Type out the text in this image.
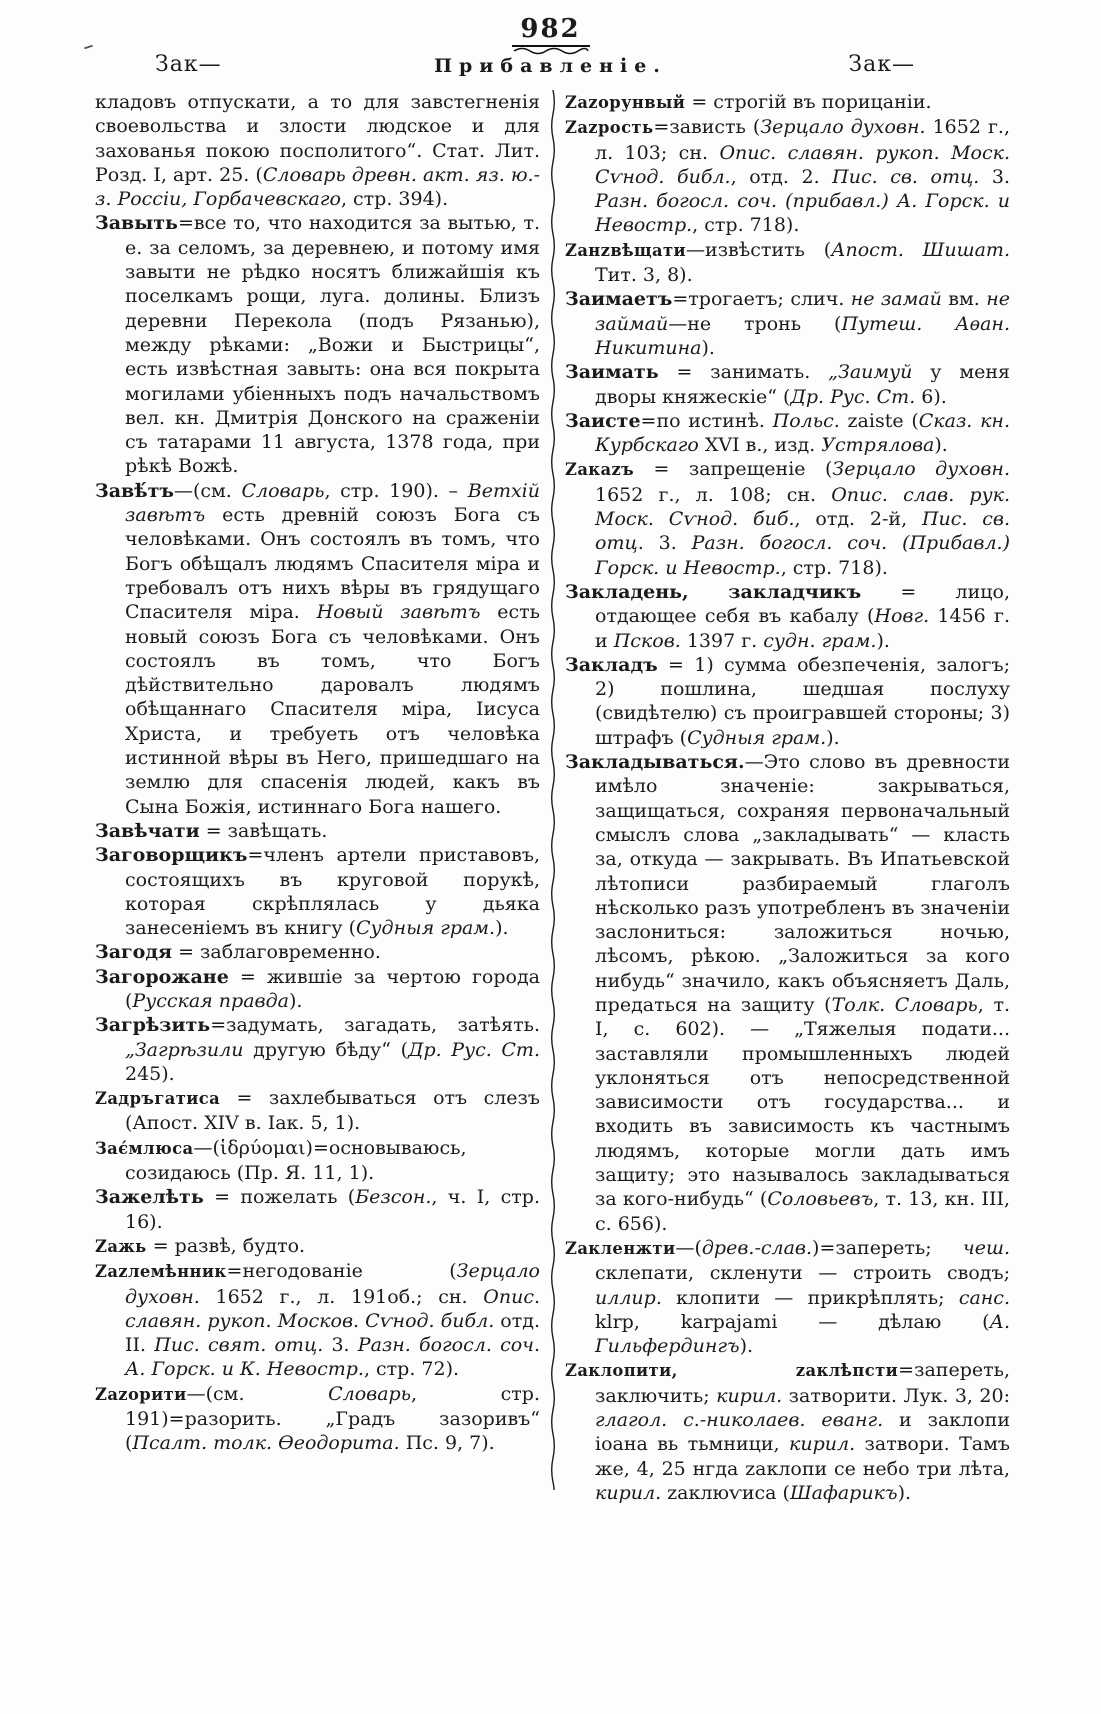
982
Зак—	Прибавленіе.	Зак—

кладовъ отпускати, а то для завстегненія своевольства и злости людское и для захованья покою посполитого“. Стат. Лит. Розд. I, арт. 25. (Словарь древн. акт. яз. ю.-з. Россіи, Горбачевскаго, стр. 394).

Завыть=все то, что находится за вытью, т. е. за селомъ, за деревнею, и потому имя завыти не рѣдко носятъ ближайшія къ поселкамъ рощи, луга. долины. Близъ деревни Перекола (подъ Рязанью), между рѣками: „Вожи и Быстрицы“, есть извѣстная завыть: она вся покрыта могилами убіенныхъ подъ начальствомъ вел. кн. Дмитрія Донского на сраженіи съ татарами 11 августа, 1378 года, при рѣкѣ Вожѣ.

Завѣ́тъ—(см. Словарь, стр. 190). – Ветхій завѣтъ есть древній союзъ Бога съ человѣками. Онъ состоялъ въ томъ, что Богъ обѣщалъ людямъ Спасителя міра и требовалъ отъ нихъ вѣры въ грядущаго Спасителя міра. Новый завѣтъ есть новый союзъ Бога съ человѣками. Онъ состоялъ въ томъ, что Богъ дѣйствительно даровалъ людямъ обѣщаннаго Спасителя міра, Іисуса Христа, и требуеть отъ человѣка истинной вѣры въ Него, пришедшаго на землю для спасенія людей, какъ въ Сына Божія, истиннаго Бога нашего.

Завѣчати = завѣщать.

Заговорщикъ=членъ артели приставовъ, состоящихъ въ круговой порукѣ, которая скрѣплялась у дьяка занесеніемъ въ книгу (Судныя грам.).

Загодя = заблаговременно.

Загорожане = жившіе за чертою города (Русская правда).

Загрѣзить=задумать, загадать, затѣять. „Загрѣзили другую бѣду“ (Др. Рус. Ст. 245).

Zадръгатиса = захлебываться отъ слезъ (Апост. XIV в. Іак. 5, 1).

Зає́млюса—(ἱδρύομαι)=основываюсь, созидаюсь (Пр. Я. 11, 1).

Зажелѣть = пожелать (Безсон., ч. I, стр. 16).

Zажь = развѣ, будто.

Zаzлемѣнник=негодованіе (Зерцало духовн. 1652 г., л. 191об.; сн. Опис. славян. рукоп. Москов. Сѵнод. библ. отд. II. Пис. свят. отц. 3. Разн. богосл. соч. А. Горск. и К. Невостр., стр. 72).

Zаzорити—(см. Словарь, стр. 191)=разорить. „Градъ зазоривъ“ (Псалт. толк. Ѳеодорита. Пс. 9, 7).

Zаzорунвый = строгій въ порицаніи.

Zаzрость=зависть (Зерцало духовн. 1652 г., л. 103; сн. Опис. славян. рукоп. Моск. Сѵнод. библ., отд. 2. Пис. св. отц. 3. Разн. богосл. соч. (прибавл.) А. Горск. и Невостр., стр. 718).

Zанzвѣщати—извѣстить (Апост. Шишат. Тит. 3, 8).

Заимаетъ=трогаетъ; слич. не замай вм. не займай—не тронь (Путеш. Аѳан. Никитина).

Заимать = занимать. „Заимуй у меня дворы княжескіе“ (Др. Рус. Ст. 6).

Заисте=по истинѣ. Польс. zaiste (Сказ. кн. Курбскаго XVI в., изд. Устрялова).

Zакаzъ = запрещеніе (Зерцало духовн. 1652 г., л. 108; сн. Опис. слав. рук. Моск. Сѵнод. биб., отд. 2-й, Пис. св. отц. 3. Разн. богосл. соч. (Прибавл.) Горск. и Невостр., стр. 718).

Закладень, закладчикъ = лицо, отдающее себя въ кабалу (Новг. 1456 г. и Псков. 1397 г. судн. грам.).

Закладъ = 1) сумма обезпеченія, залогъ; 2) пошлина, шедшая послуху (свидѣтелю) съ проигравшей стороны; 3) штрафъ (Судныя грам.).

Закладываться.—Это слово въ древности имѣло значеніе: закрываться, защищаться, сохраняя первоначальный смыслъ слова „закладывать“ — класть за, откуда — закрывать. Въ Ипатьевской лѣтописи разбираемый глаголъ нѣсколько разъ употребленъ въ значеніи заслониться: заложиться ночью, лѣсомъ, рѣкою. „Заложиться за кого нибудь“ значило, какъ объясняетъ Даль, предаться на защиту (Толк. Словарь, т. I, с. 602). — „Тяжелыя подати... заставляли промышленныхъ людей уклоняться отъ непосредственной зависимости отъ государства... и входить въ зависимость къ частнымъ людямъ, которые могли дать имъ защиту; это называлось закладываться за кого-нибудь“ (Соловьевъ, т. 13, кн. III, с. 656).

Zакленжти—(древ.-слав.)=запереть; чеш. склепати, скленути — строить сводъ; иллир. клопити — прикрѣплять; санс. klrp, karpajami — дѣлаю (А. Гильфердингъ).

Zаклопити, zаклѣпсти=запереть, заключить; кирил. затворити. Лук. 3, 20: глагол. с.-николаев. еванг. и заклопи іоана вь тьмници, кирил. затвори. Тамъ же, 4, 25 нгда zаклопи се небо три лѣта, кирил. zаклюѵиса (Шафарикъ).
